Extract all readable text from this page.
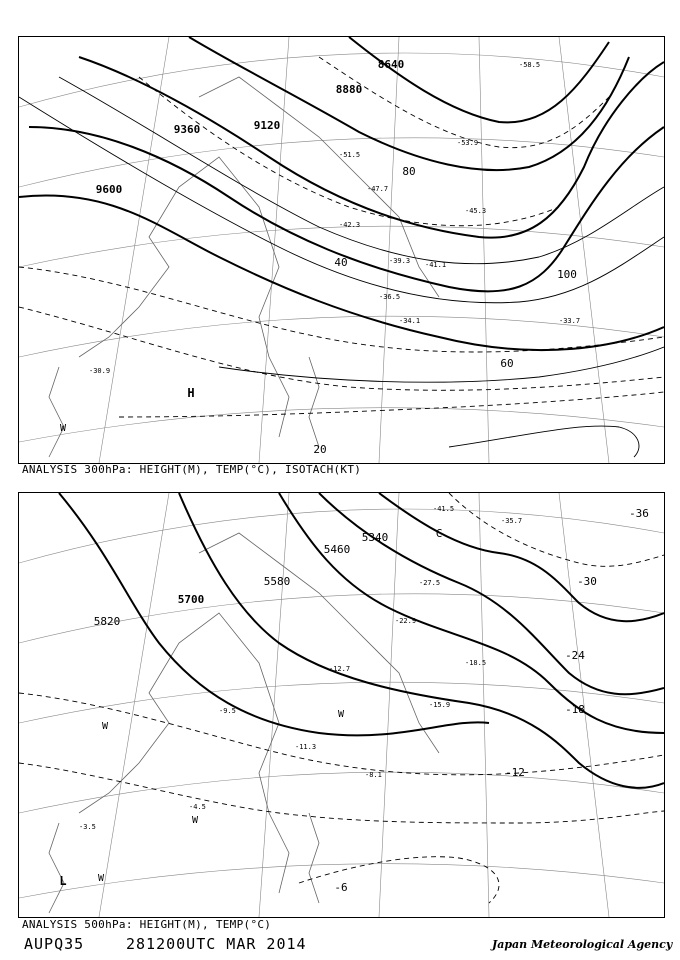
9600
9360	9120
8880
8640
20
40
60
80
100
-30.9
-33.7
-34.1
-36.5
-39.3 -41.1
-42.3
-45.3
-47.7
-51.5
-53.9
-58.5
H
W
ANALYSIS 300hPa: HEIGHT(M), TEMP(°C), ISOTACH(KT)
5820
5700
5580
5460
5340
-6
-12
-18
-24
-30
-36
-3.5
-4.5
-8.1
-9.5
-11.3
-12.7
-15.9
-18.5
-22.9
-27.5
-35.7
-41.5
W
W
L	W
C
W
ANALYSIS 500hPa: HEIGHT(M), TEMP(°C)
AUPQ35	281200UTC MAR 2014	Japan Meteorological Agency
